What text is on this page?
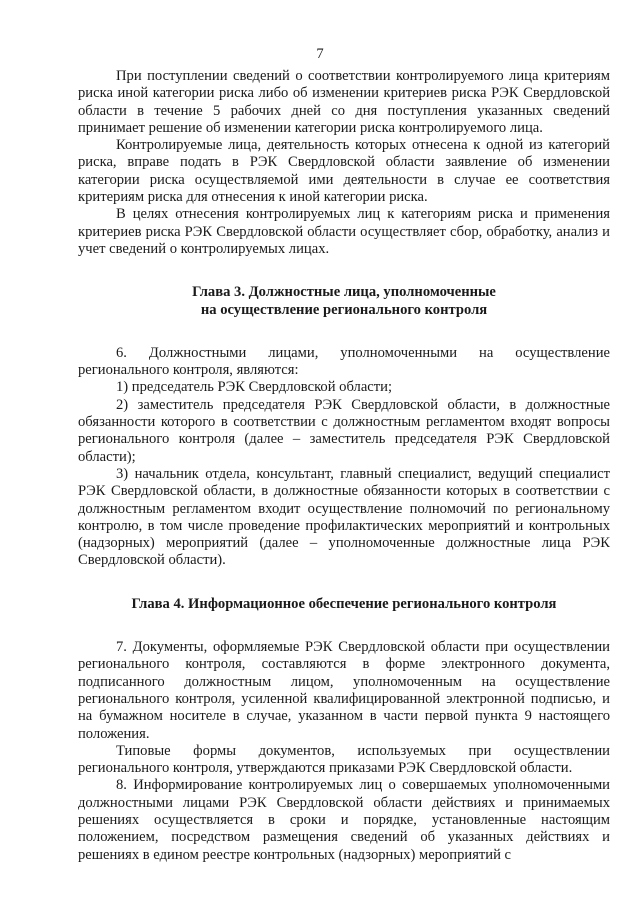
7

При поступлении сведений о соответствии контролируемого лица критериям риска иной категории риска либо об изменении критериев риска РЭК Свердловской области в течение 5 рабочих дней со дня поступления указанных сведений принимает решение об изменении категории риска контролируемого лица.

Контролируемые лица, деятельность которых отнесена к одной из категорий риска, вправе подать в РЭК Свердловской области заявление об изменении категории риска осуществляемой ими деятельности в случае ее соответствия критериям риска для отнесения к иной категории риска.

В целях отнесения контролируемых лиц к категориям риска и применения критериев риска РЭК Свердловской области осуществляет сбор, обработку, анализ и учет сведений о контролируемых лицах.

Глава 3. Должностные лица, уполномоченные
на осуществление регионального контроля

6. Должностными лицами, уполномоченными на осуществление регионального контроля, являются:

1) председатель РЭК Свердловской области;

2) заместитель председателя РЭК Свердловской области, в должностные обязанности которого в соответствии с должностным регламентом входят вопросы регионального контроля (далее – заместитель председателя РЭК Свердловской области);

3) начальник отдела, консультант, главный специалист, ведущий специалист РЭК Свердловской области, в должностные обязанности которых в соответствии с должностным регламентом входит осуществление полномочий по региональному контролю, в том числе проведение профилактических мероприятий и контрольных (надзорных) мероприятий (далее – уполномоченные должностные лица РЭК Свердловской области).

Глава 4. Информационное обеспечение регионального контроля

7. Документы, оформляемые РЭК Свердловской области при осуществлении регионального контроля, составляются в форме электронного документа, подписанного должностным лицом, уполномоченным на осуществление регионального контроля, усиленной квалифицированной электронной подписью, и на бумажном носителе в случае, указанном в части первой пункта 9 настоящего положения.

Типовые формы документов, используемых при осуществлении регионального контроля, утверждаются приказами РЭК Свердловской области.

8. Информирование контролируемых лиц о совершаемых уполномоченными должностными лицами РЭК Свердловской области действиях и принимаемых решениях осуществляется в сроки и порядке, установленные настоящим положением, посредством размещения сведений об указанных действиях и решениях в едином реестре контрольных (надзорных) мероприятий с
